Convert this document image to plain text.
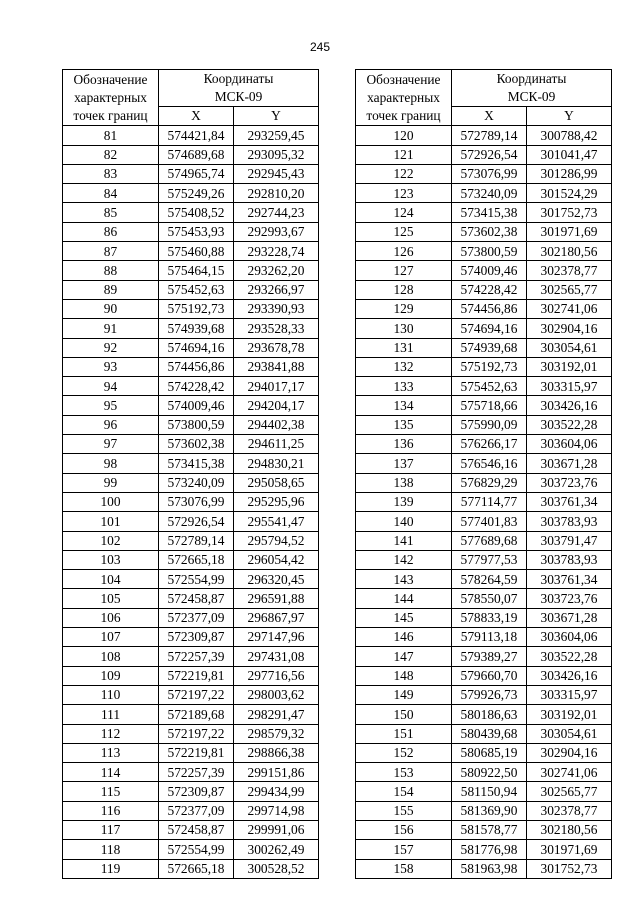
245
Обозначение характерных точек границ	Координаты
МСК-09	
	X	Y
81	574421,84	293259,45
82	574689,68	293095,32
83	574965,74	292945,43
84	575249,26	292810,20
85	575408,52	292744,23
86	575453,93	292993,67
87	575460,88	293228,74
88	575464,15	293262,20
89	575452,63	293266,97
90	575192,73	293390,93
91	574939,68	293528,33
92	574694,16	293678,78
93	574456,86	293841,88
94	574228,42	294017,17
95	574009,46	294204,17
96	573800,59	294402,38
97	573602,38	294611,25
98	573415,38	294830,21
99	573240,09	295058,65
100	573076,99	295295,96
101	572926,54	295541,47
102	572789,14	295794,52
103	572665,18	296054,42
104	572554,99	296320,45
105	572458,87	296591,88
106	572377,09	296867,97
107	572309,87	297147,96
108	572257,39	297431,08
109	572219,81	297716,56
110	572197,22	298003,62
111	572189,68	298291,47
112	572197,22	298579,32
113	572219,81	298866,38
114	572257,39	299151,86
115	572309,87	299434,99
116	572377,09	299714,98
117	572458,87	299991,06
118	572554,99	300262,49
119	572665,18	300528,52
Обозначение характерных точек границ	Координаты
МСК-09	
	X	Y
120	572789,14	300788,42
121	572926,54	301041,47
122	573076,99	301286,99
123	573240,09	301524,29
124	573415,38	301752,73
125	573602,38	301971,69
126	573800,59	302180,56
127	574009,46	302378,77
128	574228,42	302565,77
129	574456,86	302741,06
130	574694,16	302904,16
131	574939,68	303054,61
132	575192,73	303192,01
133	575452,63	303315,97
134	575718,66	303426,16
135	575990,09	303522,28
136	576266,17	303604,06
137	576546,16	303671,28
138	576829,29	303723,76
139	577114,77	303761,34
140	577401,83	303783,93
141	577689,68	303791,47
142	577977,53	303783,93
143	578264,59	303761,34
144	578550,07	303723,76
145	578833,19	303671,28
146	579113,18	303604,06
147	579389,27	303522,28
148	579660,70	303426,16
149	579926,73	303315,97
150	580186,63	303192,01
151	580439,68	303054,61
152	580685,19	302904,16
153	580922,50	302741,06
154	581150,94	302565,77
155	581369,90	302378,77
156	581578,77	302180,56
157	581776,98	301971,69
158	581963,98	301752,73
